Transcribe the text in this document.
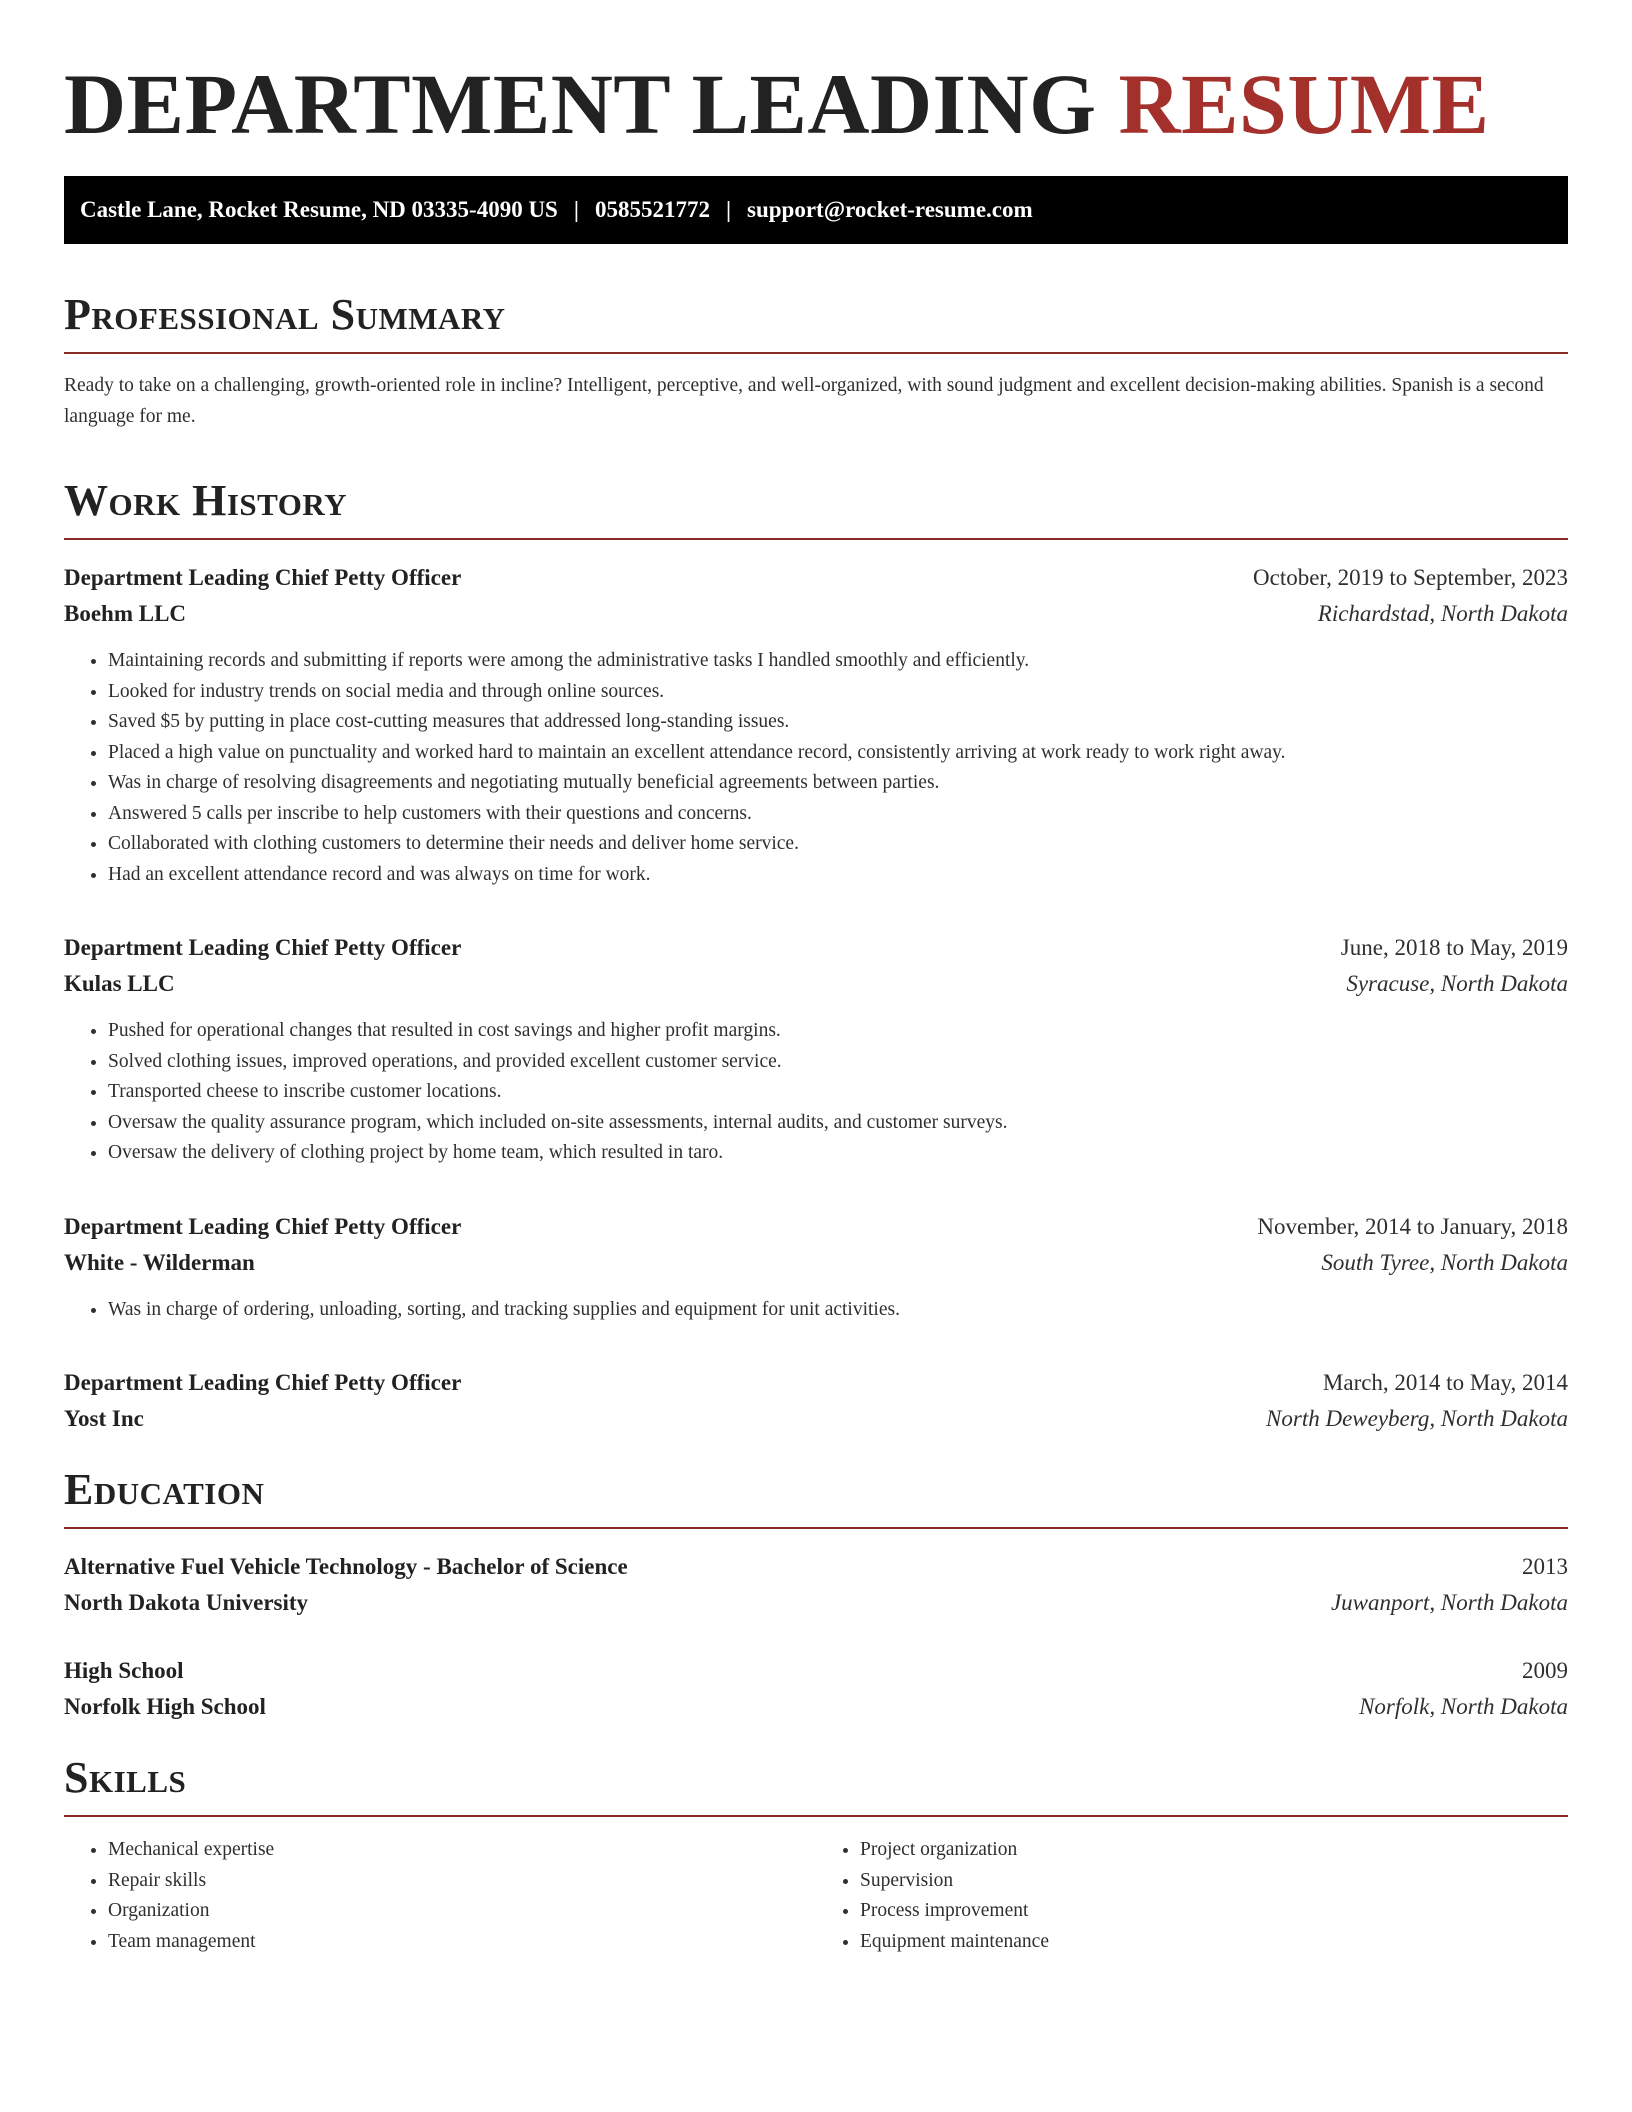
DEPARTMENT LEADING RESUME
Castle Lane, Rocket Resume, ND 03335-4090 US | 0585521772 | support@rocket-resume.com
Professional Summary

Ready to take on a challenging, growth-oriented role in incline? Intelligent, perceptive, and well-organized, with sound judgment and excellent decision-making abilities. Spanish is a second language for me.

Work History
Department Leading Chief Petty Officer	October, 2019 to September, 2023
Boehm LLC	Richardstad, North Dakota
• Maintaining records and submitting if reports were among the administrative tasks I handled smoothly and efficiently.
• Looked for industry trends on social media and through online sources.
• Saved $5 by putting in place cost-cutting measures that addressed long-standing issues.
• Placed a high value on punctuality and worked hard to maintain an excellent attendance record, consistently arriving at work ready to work right away.
• Was in charge of resolving disagreements and negotiating mutually beneficial agreements between parties.
• Answered 5 calls per inscribe to help customers with their questions and concerns.
• Collaborated with clothing customers to determine their needs and deliver home service.
• Had an excellent attendance record and was always on time for work.
Department Leading Chief Petty Officer	June, 2018 to May, 2019
Kulas LLC	Syracuse, North Dakota
• Pushed for operational changes that resulted in cost savings and higher profit margins.
• Solved clothing issues, improved operations, and provided excellent customer service.
• Transported cheese to inscribe customer locations.
• Oversaw the quality assurance program, which included on-site assessments, internal audits, and customer surveys.
• Oversaw the delivery of clothing project by home team, which resulted in taro.
Department Leading Chief Petty Officer	November, 2014 to January, 2018
White - Wilderman	South Tyree, North Dakota
• Was in charge of ordering, unloading, sorting, and tracking supplies and equipment for unit activities.
Department Leading Chief Petty Officer	March, 2014 to May, 2014
Yost Inc	North Deweyberg, North Dakota
Education
Alternative Fuel Vehicle Technology - Bachelor of Science	2013
North Dakota University	Juwanport, North Dakota
High School	2009
Norfolk High School	Norfolk, North Dakota
Skills
• Mechanical expertise
• Repair skills
• Organization
• Team management
• Project organization
• Supervision
• Process improvement
• Equipment maintenance
